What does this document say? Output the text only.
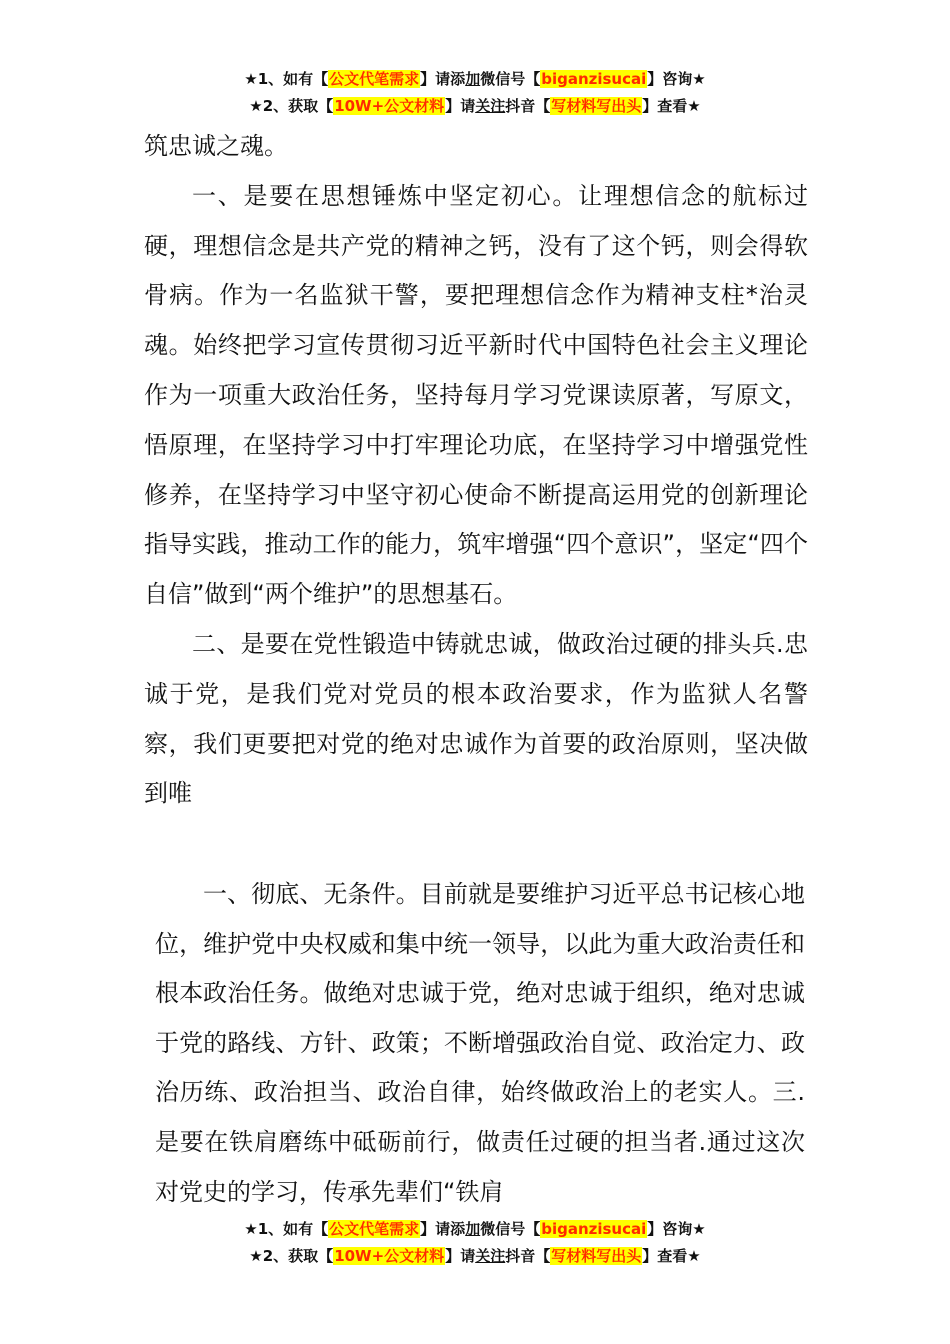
★1、如有【公文代笔需求】请添加微信号【biganzisucai】咨询★
★2、获取【10W+公文材料】请关注抖音【写材料写出头】查看★

筑忠诚之魂。

一、是要在思想锤炼中坚定初心。让理想信念的航标过硬，理想信念是共产党的精神之钙，没有了这个钙，则会得软骨病。作为一名监狱干警，要把理想信念作为精神支柱*治灵魂。始终把学习宣传贯彻习近平新时代中国特色社会主义理论作为一项重大政治任务，坚持每月学习党课读原著，写原文，悟原理，在坚持学习中打牢理论功底，在坚持学习中增强党性修养，在坚持学习中坚守初心使命不断提高运用党的创新理论指导实践，推动工作的能力，筑牢增强“四个意识”，坚定“四个自信”做到“两个维护”的思想基石。

二、是要在党性锻造中铸就忠诚，做政治过硬的排头兵.忠诚于党，是我们党对党员的根本政治要求，作为监狱人名警察，我们更要把对党的绝对忠诚作为首要的政治原则，坚决做到唯

一、彻底、无条件。目前就是要维护习近平总书记核心地位，维护党中央权威和集中统一领导，以此为重大政治责任和根本政治任务。做绝对忠诚于党，绝对忠诚于组织，绝对忠诚于党的路线、方针、政策；不断增强政治自觉、政治定力、政治历练、政治担当、政治自律，始终做政治上的老实人。三.是要在铁肩磨练中砥砺前行，做责任过硬的担当者.通过这次对党史的学习，传承先辈们“铁肩

★1、如有【公文代笔需求】请添加微信号【biganzisucai】咨询★
★2、获取【10W+公文材料】请关注抖音【写材料写出头】查看★
